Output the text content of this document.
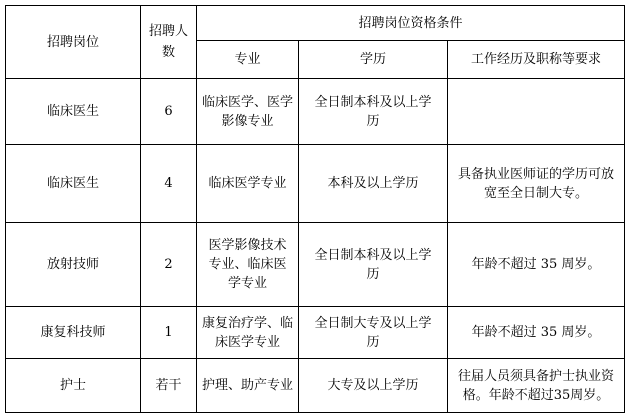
招聘岗位	招聘人数	招聘岗位资格条件		
		专业	学历	工作经历及职称等要求
临床医生	6	临床医学、医学影像专业	全日制本科及以上学历	
临床医生	4	临床医学专业	本科及以上学历	具备执业医师证的学历可放宽至全日制大专。
放射技师	2	医学影像技术专业、临床医学专业	全日制本科及以上学历	年龄不超过 35 周岁。
康复科技师	1	康复治疗学、临床医学专业	全日制大专及以上学历	年龄不超过 35 周岁。
护士	若干	护理、助产专业	大专及以上学历	往届人员须具备护士执业资格。年龄不超过35周岁。
